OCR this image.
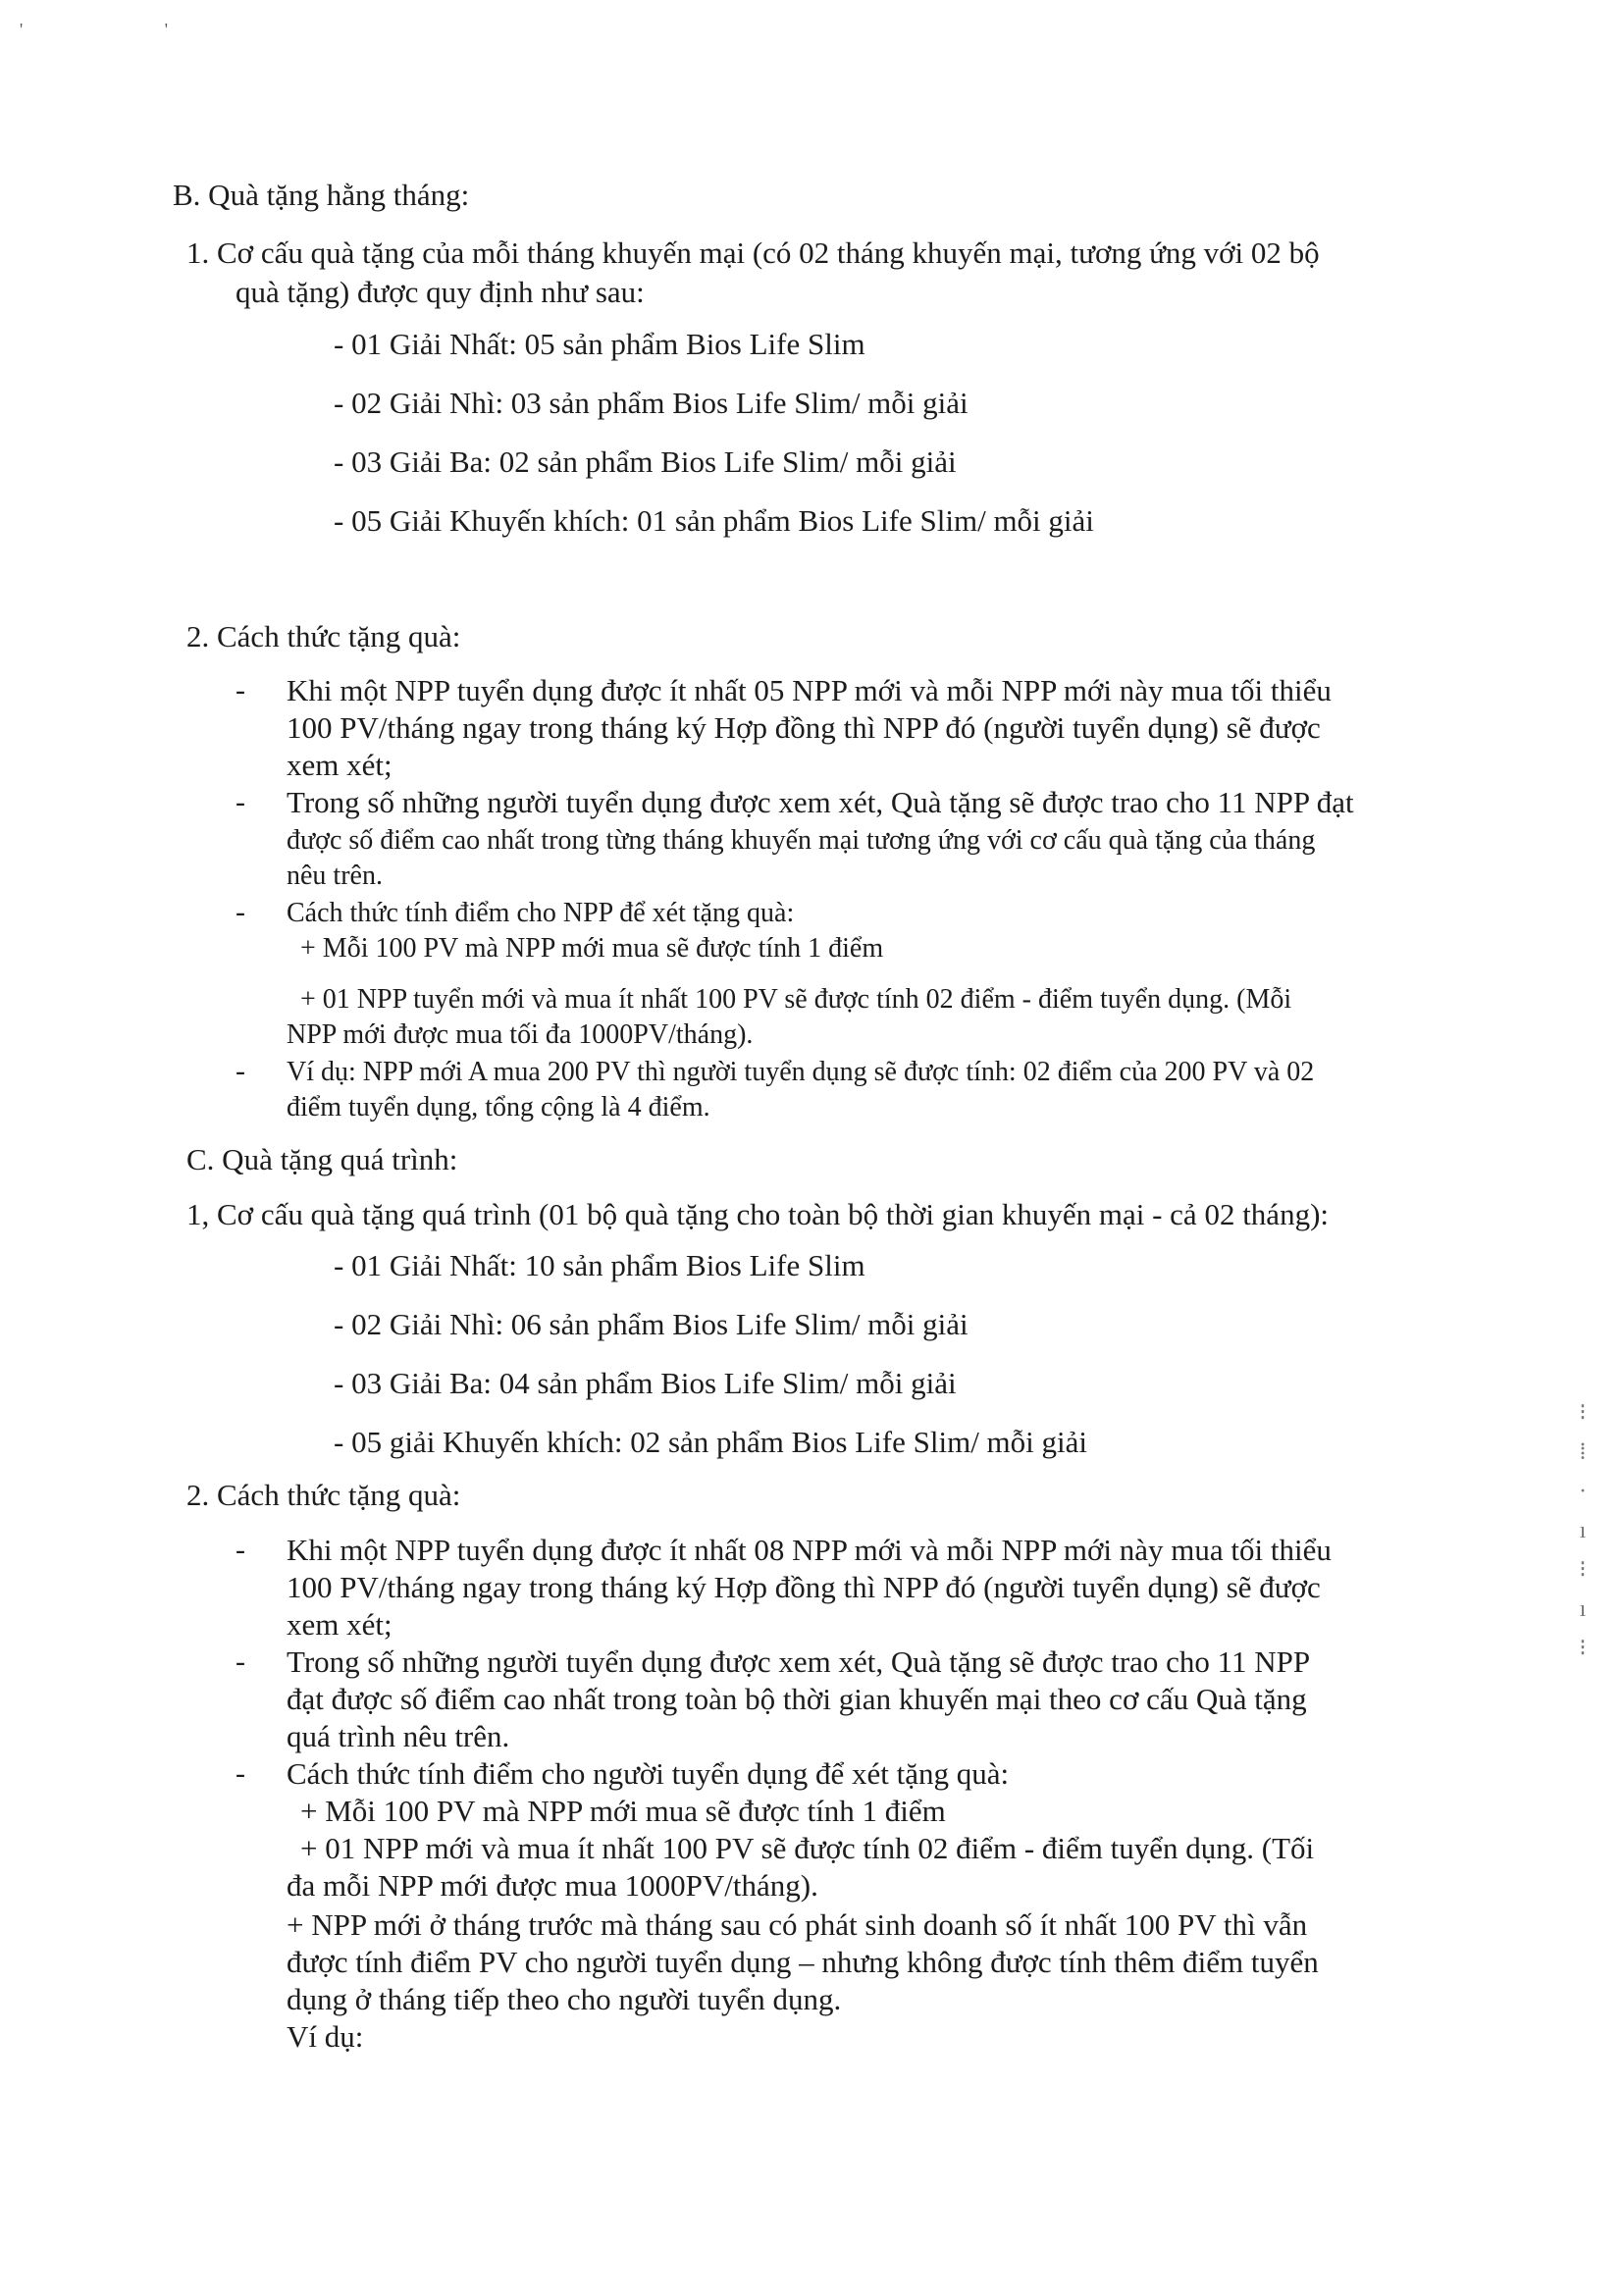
' '
B. Quà tặng hằng tháng:
1. Cơ cấu quà tặng của mỗi tháng khuyến mại (có 02 tháng khuyến mại, tương ứng với 02 bộ
quà tặng) được quy định như sau:
- 01 Giải Nhất: 05 sản phẩm Bios Life Slim
- 02 Giải Nhì: 03 sản phẩm Bios Life Slim/ mỗi giải
- 03 Giải Ba: 02 sản phẩm Bios Life Slim/ mỗi giải
- 05 Giải Khuyến khích: 01 sản phẩm Bios Life Slim/ mỗi giải
2. Cách thức tặng quà:
- Khi một NPP tuyển dụng được ít nhất 05 NPP mới và mỗi NPP mới này mua tối thiểu
100 PV/tháng ngay trong tháng ký Hợp đồng thì NPP đó (người tuyển dụng) sẽ được
xem xét;
- Trong số những người tuyển dụng được xem xét, Quà tặng sẽ được trao cho 11 NPP đạt
được số điểm cao nhất trong từng tháng khuyến mại tương ứng với cơ cấu quà tặng của tháng
nêu trên.
- Cách thức tính điểm cho NPP để xét tặng quà:
+ Mỗi 100 PV mà NPP mới mua sẽ được tính 1 điểm
+ 01 NPP tuyển mới và mua ít nhất 100 PV sẽ được tính 02 điểm - điểm tuyển dụng. (Mỗi
NPP mới được mua tối đa 1000PV/tháng).
- Ví dụ: NPP mới A mua 200 PV thì người tuyển dụng sẽ được tính: 02 điểm của 200 PV và 02
điểm tuyển dụng, tổng cộng là 4 điểm.
C. Quà tặng quá trình:
1, Cơ cấu quà tặng quá trình (01 bộ quà tặng cho toàn bộ thời gian khuyến mại - cả 02 tháng):
- 01 Giải Nhất: 10 sản phẩm Bios Life Slim
- 02 Giải Nhì: 06 sản phẩm Bios Life Slim/ mỗi giải
- 03 Giải Ba: 04 sản phẩm Bios Life Slim/ mỗi giải
- 05 giải Khuyến khích: 02 sản phẩm Bios Life Slim/ mỗi giải
2. Cách thức tặng quà:
- Khi một NPP tuyển dụng được ít nhất 08 NPP mới và mỗi NPP mới này mua tối thiểu
100 PV/tháng ngay trong tháng ký Hợp đồng thì NPP đó (người tuyển dụng) sẽ được
xem xét;
- Trong số những người tuyển dụng được xem xét, Quà tặng sẽ được trao cho 11 NPP
đạt được số điểm cao nhất trong toàn bộ thời gian khuyến mại theo cơ cấu Quà tặng
quá trình nêu trên.
- Cách thức tính điểm cho người tuyển dụng để xét tặng quà:
+ Mỗi 100 PV mà NPP mới mua sẽ được tính 1 điểm
+ 01 NPP mới và mua ít nhất 100 PV sẽ được tính 02 điểm - điểm tuyển dụng. (Tối
đa mỗi NPP mới được mua 1000PV/tháng).
+ NPP mới ở tháng trước mà tháng sau có phát sinh doanh số ít nhất 100 PV thì vẫn
được tính điểm PV cho người tuyển dụng – nhưng không được tính thêm điểm tuyển
dụng ở tháng tiếp theo cho người tuyển dụng.
Ví dụ:
⁝
⁞
·
ı
⁝
ı
⁝
